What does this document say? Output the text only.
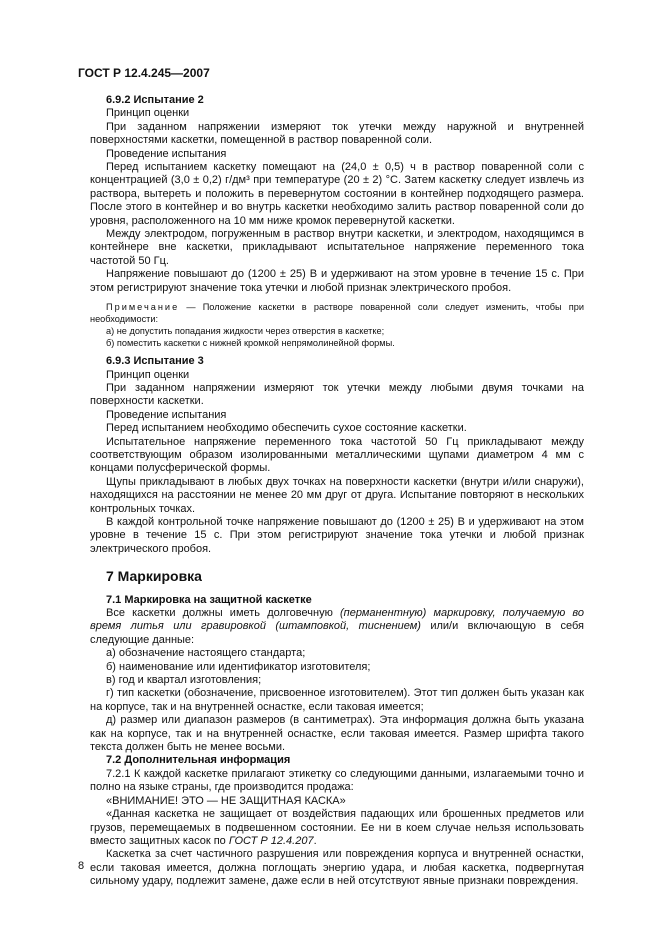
ГОСТ Р 12.4.245—2007

6.9.2 Испытание 2

Принцип оценки

При заданном напряжении измеряют ток утечки между наружной и внутренней поверхностями каскетки, помещенной в раствор поваренной соли.

Проведение испытания

Перед испытанием каскетку помещают на (24,0 ± 0,5) ч в раствор поваренной соли с концентрацией (3,0 ± 0,2) г/дм³ при температуре (20 ± 2) °С. Затем каскетку следует извлечь из раствора, вытереть и положить в перевернутом состоянии в контейнер подходящего размера. После этого в контейнер и во внутрь каскетки необходимо залить раствор поваренной соли до уровня, расположенного на 10 мм ниже кромок перевернутой каскетки.

Между электродом, погруженным в раствор внутри каскетки, и электродом, находящимся в контейнере вне каскетки, прикладывают испытательное напряжение переменного тока частотой 50 Гц.

Напряжение повышают до (1200 ± 25) В и удерживают на этом уровне в течение 15 с. При этом регистрируют значение тока утечки и любой признак электрического пробоя.

Примечание — Положение каскетки в растворе поваренной соли следует изменить, чтобы при необходимости:

а) не допустить попадания жидкости через отверстия в каскетке;

б) поместить каскетки с нижней кромкой непрямолинейной формы.

6.9.3 Испытание 3

Принцип оценки

При заданном напряжении измеряют ток утечки между любыми двумя точками на поверхности каскетки.

Проведение испытания

Перед испытанием необходимо обеспечить сухое состояние каскетки.

Испытательное напряжение переменного тока частотой 50 Гц прикладывают между соответствующим образом изолированными металлическими щупами диаметром 4 мм с концами полусферической формы.

Щупы прикладывают в любых двух точках на поверхности каскетки (внутри и/или снаружи), находящихся на расстоянии не менее 20 мм друг от друга. Испытание повторяют в нескольких контрольных точках.

В каждой контрольной точке напряжение повышают до (1200 ± 25) В и удерживают на этом уровне в течение 15 с. При этом регистрируют значение тока утечки и любой признак электрического пробоя.

7 Маркировка

7.1 Маркировка на защитной каскетке

Все каскетки должны иметь долговечную (перманентную) маркировку, получаемую во время литья или гравировкой (штамповкой, тиснением) или/и включающую в себя следующие данные:

а) обозначение настоящего стандарта;

б) наименование или идентификатор изготовителя;

в) год и квартал изготовления;

г) тип каскетки (обозначение, присвоенное изготовителем). Этот тип должен быть указан как на корпусе, так и на внутренней оснастке, если таковая имеется;

д) размер или диапазон размеров (в сантиметрах). Эта информация должна быть указана как на корпусе, так и на внутренней оснастке, если таковая имеется. Размер шрифта такого текста должен быть не менее восьми.

7.2 Дополнительная информация

7.2.1 К каждой каскетке прилагают этикетку со следующими данными, излагаемыми точно и полно на языке страны, где производится продажа:

«ВНИМАНИЕ! ЭТО — НЕ ЗАЩИТНАЯ КАСКА»

«Данная каскетка не защищает от воздействия падающих или брошенных предметов или грузов, перемещаемых в подвешенном состоянии. Ее ни в коем случае нельзя использовать вместо защитных касок по ГОСТ Р 12.4.207.

Каскетка за счет частичного разрушения или повреждения корпуса и внутренней оснастки, если таковая имеется, должна поглощать энергию удара, и любая каскетка, подвергнутая сильному удару, подлежит замене, даже если в ней отсутствуют явные признаки повреждения.

8
